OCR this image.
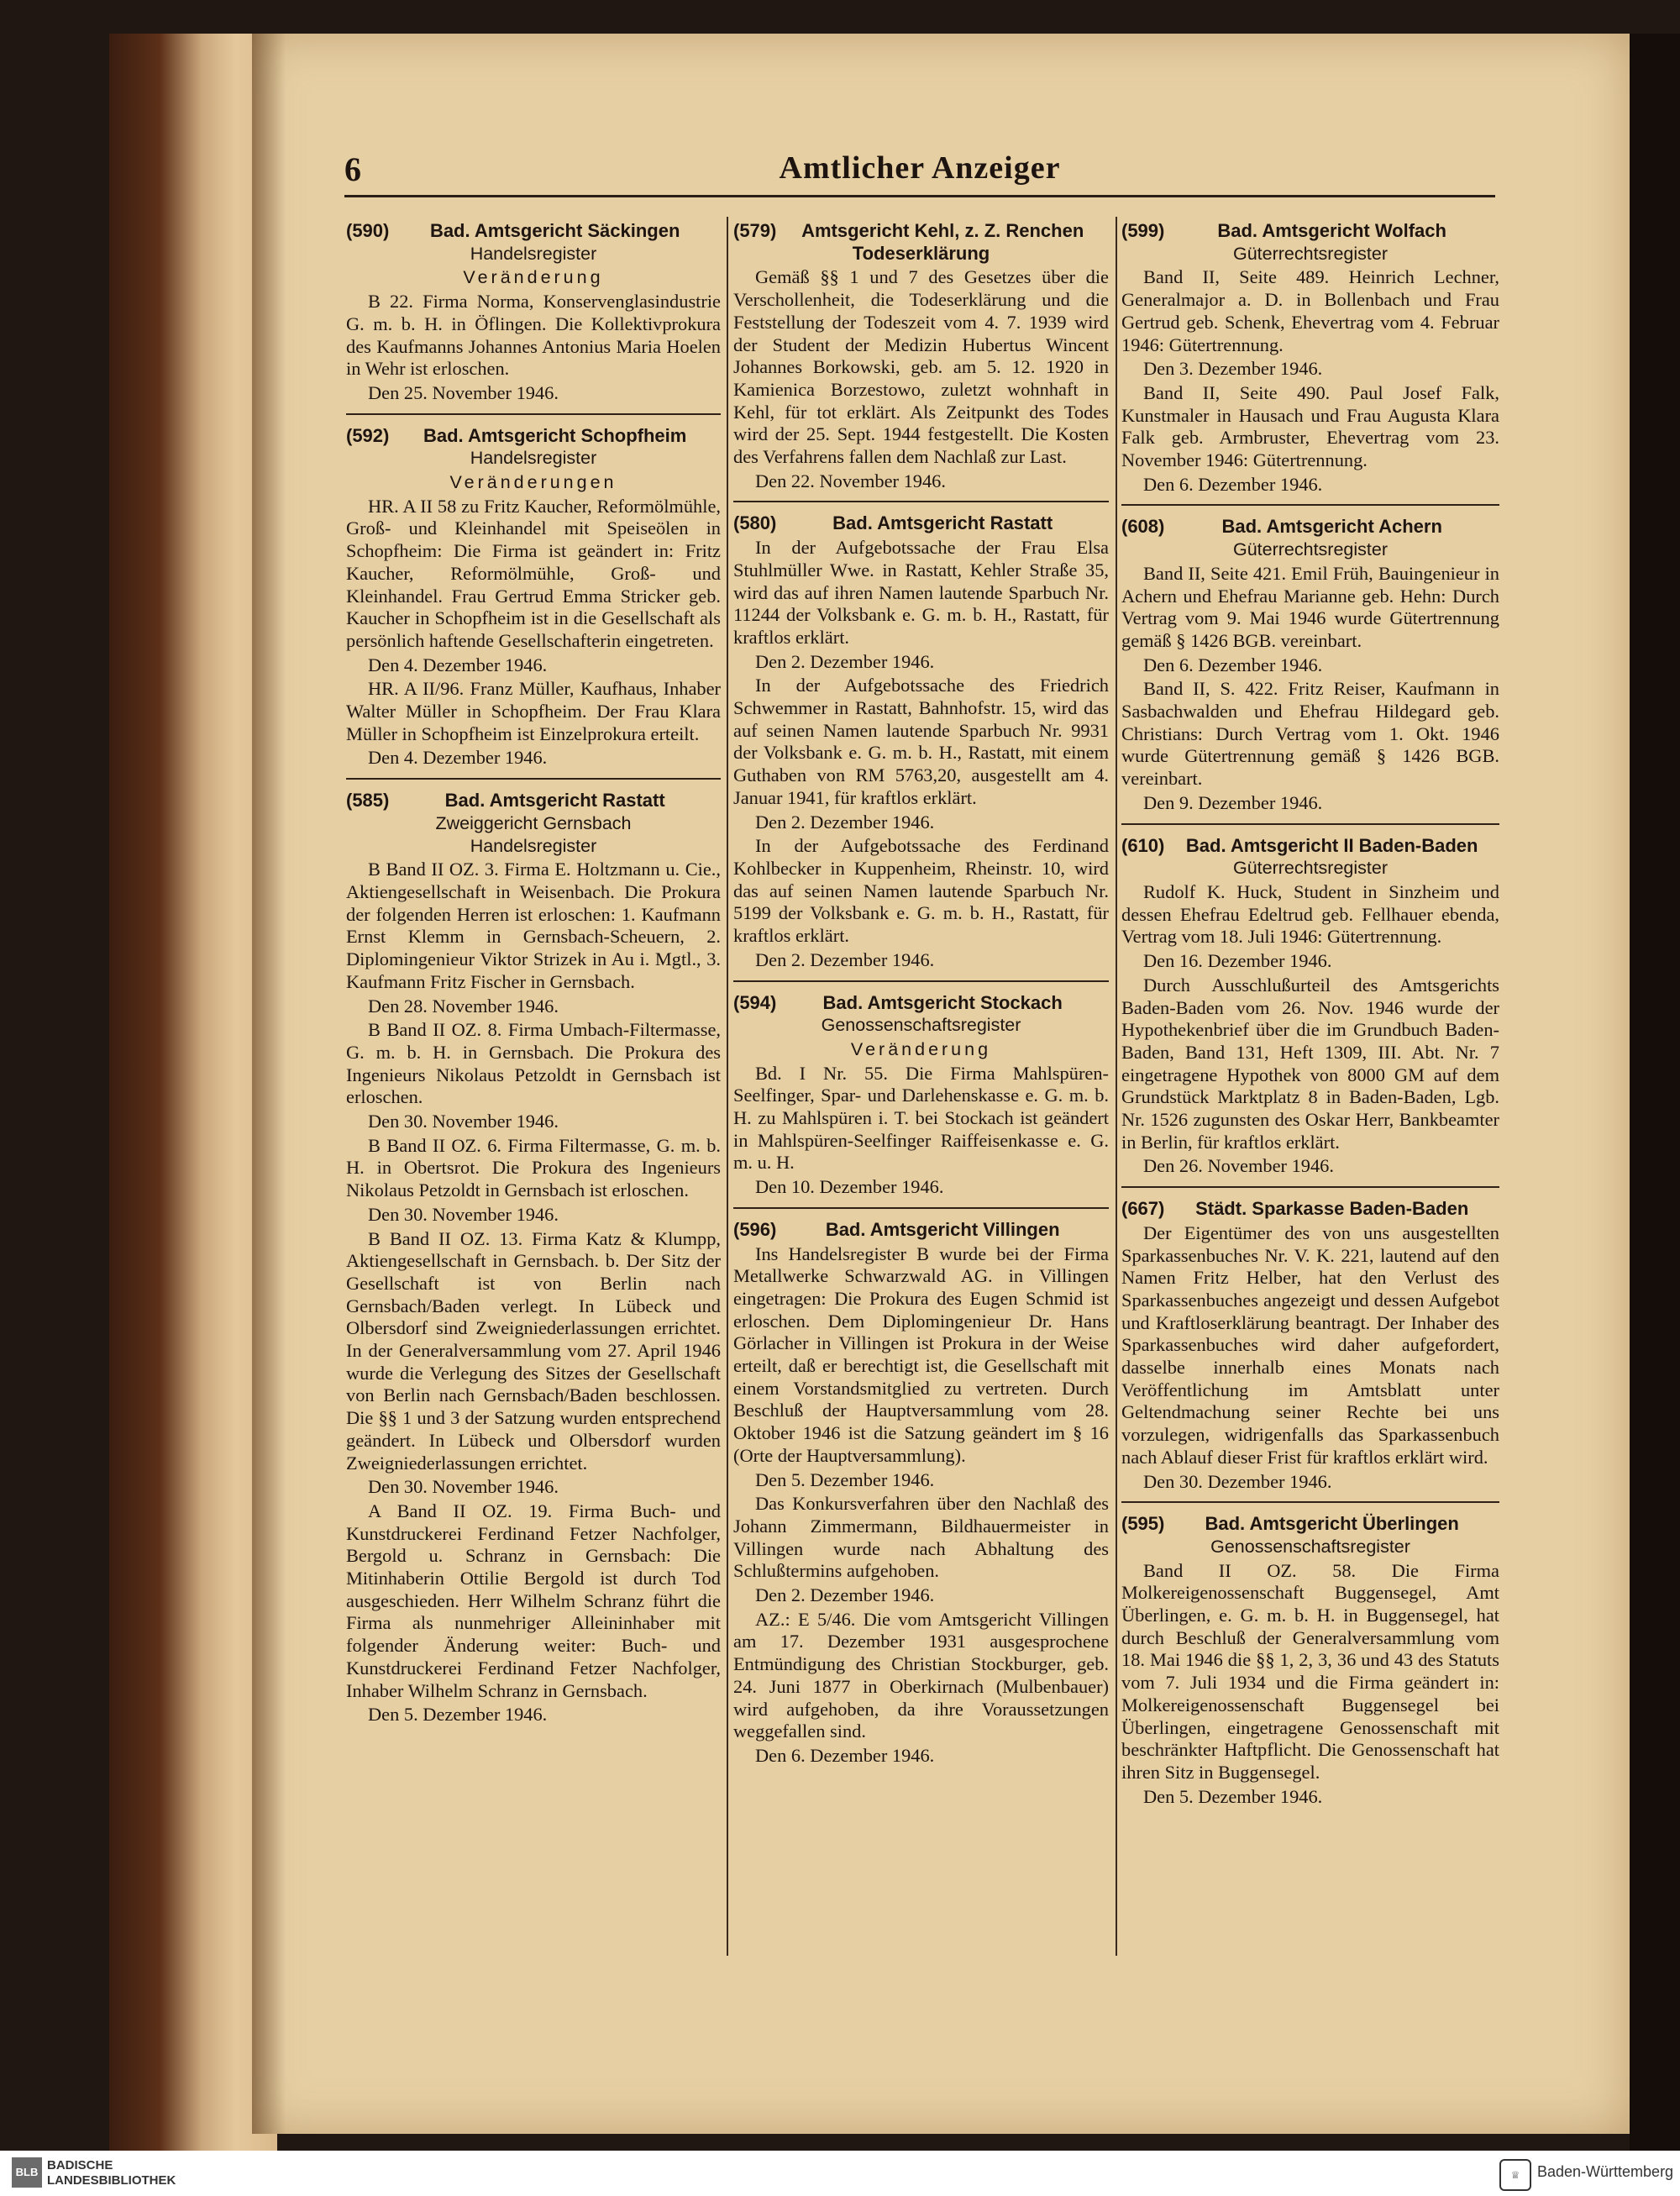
6	Amtlicher Anzeiger
(590) Bad. Amtsgericht Säckingen
Handelsregister
Veränderung
B 22. Firma Norma, Konservenglasindustrie G. m. b. H. in Öflingen. Die Kollektivprokura des Kaufmanns Johannes Antonius Maria Hoelen in Wehr ist erloschen.
Den 25. November 1946.
(592) Bad. Amtsgericht Schopfheim
Handelsregister
Veränderungen
HR. A II 58 zu Fritz Kaucher, Reformölmühle, Groß- und Kleinhandel mit Speiseölen in Schopfheim: Die Firma ist geändert in: Fritz Kaucher, Reformölmühle, Groß- und Kleinhandel. Frau Gertrud Emma Stricker geb. Kaucher in Schopfheim ist in die Gesellschaft als persönlich haftende Gesellschafterin eingetreten.
Den 4. Dezember 1946.
HR. A II/96. Franz Müller, Kaufhaus, Inhaber Walter Müller in Schopfheim. Der Frau Klara Müller in Schopfheim ist Einzelprokura erteilt.
Den 4. Dezember 1946.
(585)	Bad. Amtsgericht Rastatt
Zweiggericht Gernsbach
Handelsregister
B Band II OZ. 3. Firma E. Holtzmann u. Cie., Aktiengesellschaft in Weisenbach. Die Prokura der folgenden Herren ist erloschen: 1. Kaufmann Ernst Klemm in Gernsbach-Scheuern, 2. Diplomingenieur Viktor Strizek in Au i. Mgtl., 3. Kaufmann Fritz Fischer in Gernsbach.
Den 28. November 1946.
B Band II OZ. 8. Firma Umbach-Filtermasse, G. m. b. H. in Gernsbach. Die Prokura des Ingenieurs Nikolaus Petzoldt in Gernsbach ist erloschen.
Den 30. November 1946.
B Band II OZ. 6. Firma Filtermasse, G. m. b. H. in Obertsrot. Die Prokura des Ingenieurs Nikolaus Petzoldt in Gernsbach ist erloschen.
Den 30. November 1946.
B Band II OZ. 13. Firma Katz & Klumpp, Aktiengesellschaft in Gernsbach. b. Der Sitz der Gesellschaft ist von Berlin nach Gernsbach/Baden verlegt. In Lübeck und Olbersdorf sind Zweigniederlassungen errichtet. In der Generalversammlung vom 27. April 1946 wurde die Verlegung des Sitzes der Gesellschaft von Berlin nach Gernsbach/Baden beschlossen. Die §§ 1 und 3 der Satzung wurden entsprechend geändert. In Lübeck und Olbersdorf wurden Zweigniederlassungen errichtet.
Den 30. November 1946.
A Band II OZ. 19. Firma Buch- und Kunstdruckerei Ferdinand Fetzer Nachfolger, Bergold u. Schranz in Gernsbach: Die Mitinhaberin Ottilie Bergold ist durch Tod ausgeschieden. Herr Wilhelm Schranz führt die Firma als nunmehriger Alleininhaber mit folgender Änderung weiter: Buch- und Kunstdruckerei Ferdinand Fetzer Nachfolger, Inhaber Wilhelm Schranz in Gernsbach.
Den 5. Dezember 1946.
(579) Amtsgericht Kehl, z. Z. Renchen
Todeserklärung
Gemäß §§ 1 und 7 des Gesetzes über die Verschollenheit, die Todeserklärung und die Feststellung der Todeszeit vom 4. 7. 1939 wird der Student der Medizin Hubertus Wincent Johannes Borkowski, geb. am 5. 12. 1920 in Kamienica Borzestowo, zuletzt wohnhaft in Kehl, für tot erklärt. Als Zeitpunkt des Todes wird der 25. Sept. 1944 festgestellt. Die Kosten des Verfahrens fallen dem Nachlaß zur Last.
Den 22. November 1946.
(580)	Bad. Amtsgericht Rastatt
In der Aufgebotssache der Frau Elsa Stuhlmüller Wwe. in Rastatt, Kehler Straße 35, wird das auf ihren Namen lautende Sparbuch Nr. 11244 der Volksbank e. G. m. b. H., Rastatt, für kraftlos erklärt.
Den 2. Dezember 1946.
In der Aufgebotssache des Friedrich Schwemmer in Rastatt, Bahnhofstr. 15, wird das auf seinen Namen lautende Sparbuch Nr. 9931 der Volksbank e. G. m. b. H., Rastatt, mit einem Guthaben von RM 5763,20, ausgestellt am 4. Januar 1941, für kraftlos erklärt.
Den 2. Dezember 1946.
In der Aufgebotssache des Ferdinand Kohlbecker in Kuppenheim, Rheinstr. 10, wird das auf seinen Namen lautende Sparbuch Nr. 5199 der Volksbank e. G. m. b. H., Rastatt, für kraftlos erklärt.
Den 2. Dezember 1946.
(594)	Bad. Amtsgericht Stockach
Genossenschaftsregister
Veränderung
Bd. I Nr. 55. Die Firma Mahlspüren-Seelfinger, Spar- und Darlehenskasse e. G. m. b. H. zu Mahlspüren i. T. bei Stockach ist geändert in Mahlspüren-Seelfinger Raiffeisenkasse e. G. m. u. H.
Den 10. Dezember 1946.
(596)	Bad. Amtsgericht Villingen
Ins Handelsregister B wurde bei der Firma Metallwerke Schwarzwald AG. in Villingen eingetragen: Die Prokura des Eugen Schmid ist erloschen. Dem Diplomingenieur Dr. Hans Görlacher in Villingen ist Prokura in der Weise erteilt, daß er berechtigt ist, die Gesellschaft mit einem Vorstandsmitglied zu vertreten. Durch Beschluß der Hauptversammlung vom 28. Oktober 1946 ist die Satzung geändert im § 16 (Orte der Hauptversammlung).
Den 5. Dezember 1946.
Das Konkursverfahren über den Nachlaß des Johann Zimmermann, Bildhauermeister in Villingen wurde nach Abhaltung des Schlußtermins aufgehoben.
Den 2. Dezember 1946.
AZ.: E 5/46. Die vom Amtsgericht Villingen am 17. Dezember 1931 ausgesprochene Entmündigung des Christian Stockburger, geb. 24. Juni 1877 in Oberkirnach (Mulbenbauer) wird aufgehoben, da ihre Voraussetzungen weggefallen sind.
Den 6. Dezember 1946.
(599)	Bad. Amtsgericht Wolfach
Güterrechtsregister
Band II, Seite 489. Heinrich Lechner, Generalmajor a. D. in Bollenbach und Frau Gertrud geb. Schenk, Ehevertrag vom 4. Februar 1946: Gütertrennung.
Den 3. Dezember 1946.
Band II, Seite 490. Paul Josef Falk, Kunstmaler in Hausach und Frau Augusta Klara Falk geb. Armbruster, Ehevertrag vom 23. November 1946: Gütertrennung.
Den 6. Dezember 1946.
(608)	Bad. Amtsgericht Achern
Güterrechtsregister
Band II, Seite 421. Emil Früh, Bauingenieur in Achern und Ehefrau Marianne geb. Hehn: Durch Vertrag vom 9. Mai 1946 wurde Gütertrennung gemäß § 1426 BGB. vereinbart.
Den 6. Dezember 1946.
Band II, S. 422. Fritz Reiser, Kaufmann in Sasbachwalden und Ehefrau Hildegard geb. Christians: Durch Vertrag vom 1. Okt. 1946 wurde Gütertrennung gemäß § 1426 BGB. vereinbart.
Den 9. Dezember 1946.
(610) Bad. Amtsgericht II Baden-Baden
Güterrechtsregister
Rudolf K. Huck, Student in Sinzheim und dessen Ehefrau Edeltrud geb. Fellhauer ebenda, Vertrag vom 18. Juli 1946: Gütertrennung.
Den 16. Dezember 1946.
Durch Ausschlußurteil des Amtsgerichts Baden-Baden vom 26. Nov. 1946 wurde der Hypothekenbrief über die im Grundbuch Baden-Baden, Band 131, Heft 1309, III. Abt. Nr. 7 eingetragene Hypothek von 8000 GM auf dem Grundstück Marktplatz 8 in Baden-Baden, Lgb. Nr. 1526 zugunsten des Oskar Herr, Bankbeamter in Berlin, für kraftlos erklärt.
Den 26. November 1946.
(667) Städt. Sparkasse Baden-Baden
Der Eigentümer des von uns ausgestellten Sparkassenbuches Nr. V. K. 221, lautend auf den Namen Fritz Helber, hat den Verlust des Sparkassenbuches angezeigt und dessen Aufgebot und Kraftloserklärung beantragt. Der Inhaber des Sparkassenbuches wird daher aufgefordert, dasselbe innerhalb eines Monats nach Veröffentlichung im Amtsblatt unter Geltendmachung seiner Rechte bei uns vorzulegen, widrigenfalls das Sparkassenbuch nach Ablauf dieser Frist für kraftlos erklärt wird.
Den 30. Dezember 1946.
(595) Bad. Amtsgericht Überlingen
Genossenschaftsregister
Band II OZ. 58. Die Firma Molkereigenossenschaft Buggensegel, Amt Überlingen, e. G. m. b. H. in Buggensegel, hat durch Beschluß der Generalversammlung vom 18. Mai 1946 die §§ 1, 2, 3, 36 und 43 des Statuts vom 7. Juli 1934 und die Firma geändert in: Molkereigenossenschaft Buggensegel bei Überlingen, eingetragene Genossenschaft mit beschränkter Haftpflicht. Die Genossenschaft hat ihren Sitz in Buggensegel.
Den 5. Dezember 1946.
BLB BADISCHE
LANDESBIBLIOTHEK	♕	Baden-Württemberg
